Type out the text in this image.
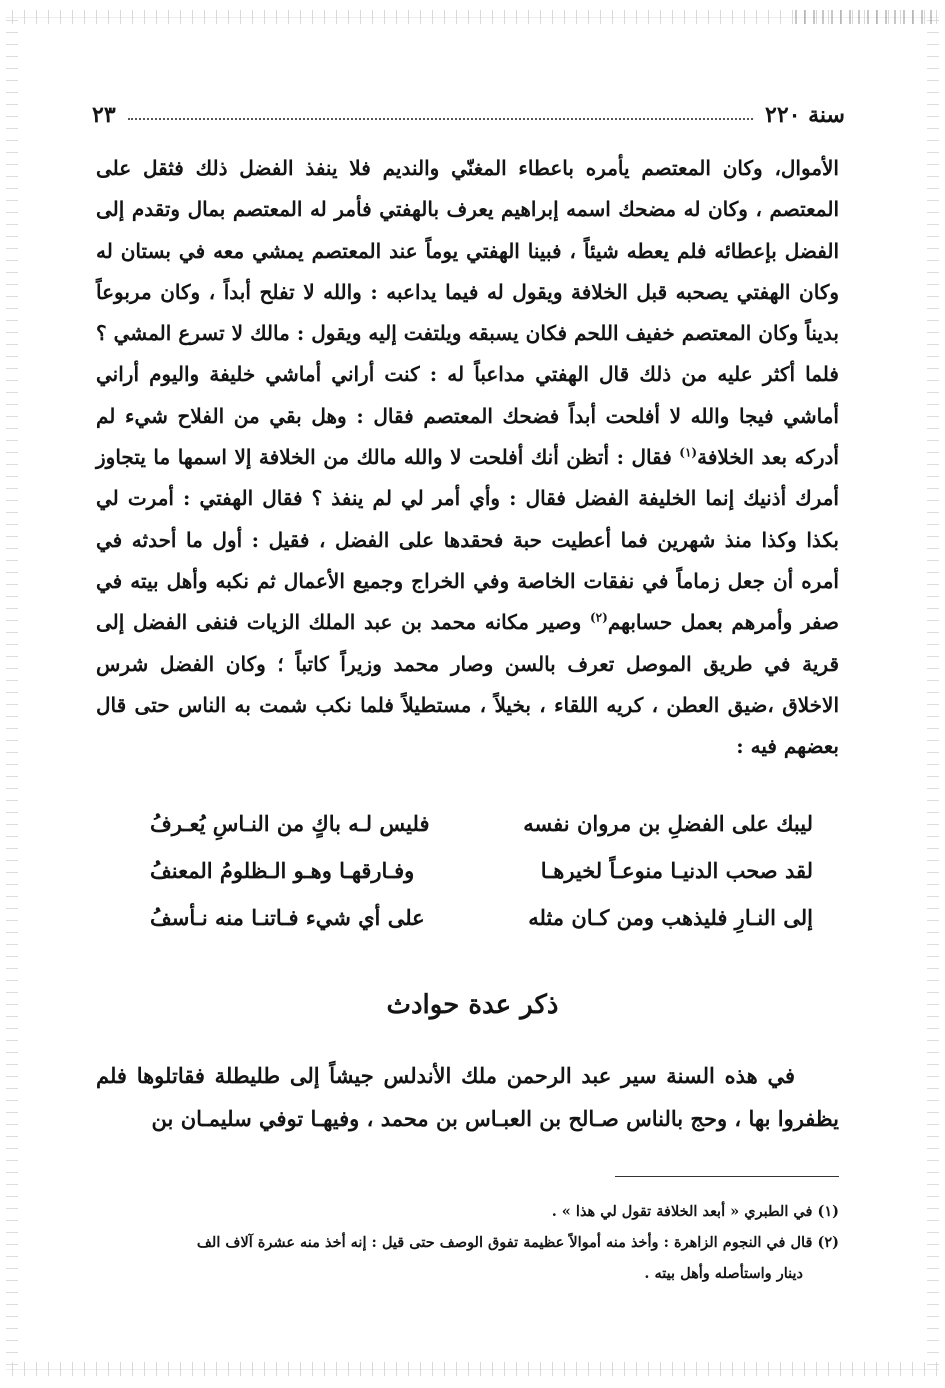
سنة ٢٢٠
٢٣

الأموال، وكان المعتصم يأمره باعطاء المغنّي والنديم فلا ينفذ الفضل ذلك فثقل على المعتصم ، وكان له مضحك اسمه إبراهيم يعرف بالهفتي فأمر له المعتصم بمال وتقدم إلى الفضل بإعطائه فلم يعطه شيئاً ، فبينا الهفتي يوماً عند المعتصم يمشي معه في بستان له وكان الهفتي يصحبه قبل الخلافة ويقول له فيما يداعبه : والله لا تفلح أبداً ، وكان مربوعاً بديناً وكان المعتصم خفيف اللحم فكان يسبقه ويلتفت إليه ويقول : مالك لا تسرع المشي ؟ فلما أكثر عليه من ذلك قال الهفتي مداعباً له : كنت أراني أماشي خليفة واليوم أراني أماشي فيجا والله لا أفلحت أبداً فضحك المعتصم فقال : وهل بقي من الفلاح شيء لم أدركه بعد الخلافة$^{(١)}$ فقال : أتظن أنك أفلحت لا والله مالك من الخلافة إلا اسمها ما يتجاوز أمرك أذنيك إنما الخليفة الفضل فقال : وأي أمر لي لم ينفذ ؟ فقال الهفتي : أمرت لي بكذا وكذا منذ شهرين فما أعطيت حبة فحقدها على الفضل ، فقيل : أول ما أحدثه في أمره أن جعل زماماً في نفقات الخاصة وفي الخراج وجميع الأعمال ثم نكبه وأهل بيته في صفر وأمرهم بعمل حسابهم$^{(٢)}$ وصير مكانه محمد بن عبد الملك الزيات فنفى الفضل إلى قرية في طريق الموصل تعرف بالسن وصار محمد وزيراً كاتباً ؛ وكان الفضل شرس الاخلاق ،ضيق العطن ، كريه اللقاء ، بخيلاً ، مستطيلاً فلما نكب شمت به الناس حتى قال بعضهم فيه :

ليبك على الفضلِ بن مروان نفسه
فليس لـه باكٍ من النـاسِ يُعـرفُ
لقد صحب الدنيـا منوعـاً لخيرهـا
وفـارقهـا وهـو الـظلومُ المعنفُ
إلى النـارِ فليذهب ومن كـان مثله
على أي شيء فـاتنـا منه نـأسفُ
ذكر عدة حوادث

في هذه السنة سير عبد الرحمن ملك الأندلس جيشاً إلى طليطلة فقاتلوها فلم يظفروا بها ، وحج بالناس صـالح بن العبـاس بن محمد ، وفيهـا توفي سليمـان بن

(١) في الطبري « أبعد الخلافة تقول لي هذا » .

(٢) قال في النجوم الزاهرة : وأخذ منه أموالاً عظيمة تفوق الوصف حتى قيل : إنه أخذ منه عشرة آلاف الف

دينار واستأصله وأهل بيته .
